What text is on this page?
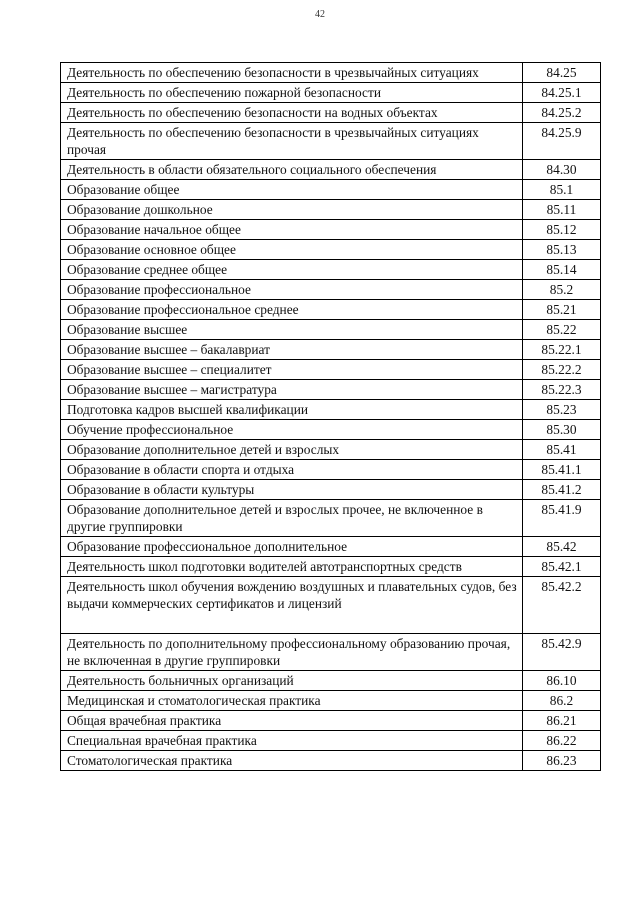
42
Деятельность по обеспечению безопасности в чрезвычайных ситуациях	84.25
Деятельность по обеспечению пожарной безопасности	84.25.1
Деятельность по обеспечению безопасности на водных объектах	84.25.2
Деятельность по обеспечению безопасности в чрезвычайных ситуациях прочая	84.25.9
Деятельность в области обязательного социального обеспечения	84.30
Образование общее	85.1
Образование дошкольное	85.11
Образование начальное общее	85.12
Образование основное общее	85.13
Образование среднее общее	85.14
Образование профессиональное	85.2
Образование профессиональное среднее	85.21
Образование высшее	85.22
Образование высшее – бакалавриат	85.22.1
Образование высшее – специалитет	85.22.2
Образование высшее – магистратура	85.22.3
Подготовка кадров высшей квалификации	85.23
Обучение профессиональное	85.30
Образование дополнительное детей и взрослых	85.41
Образование в области спорта и отдыха	85.41.1
Образование в области культуры	85.41.2
Образование дополнительное детей и взрослых прочее, не включенное в другие группировки	85.41.9
Образование профессиональное дополнительное	85.42
Деятельность школ подготовки водителей автотранспортных средств	85.42.1
Деятельность школ обучения вождению воздушных и плавательных судов, без выдачи коммерческих сертификатов и лицензий	85.42.2
Деятельность по дополнительному профессиональному образованию прочая, не включенная в другие группировки	85.42.9
Деятельность больничных организаций	86.10
Медицинская и стоматологическая практика	86.2
Общая врачебная практика	86.21
Специальная врачебная практика	86.22
Стоматологическая практика	86.23
